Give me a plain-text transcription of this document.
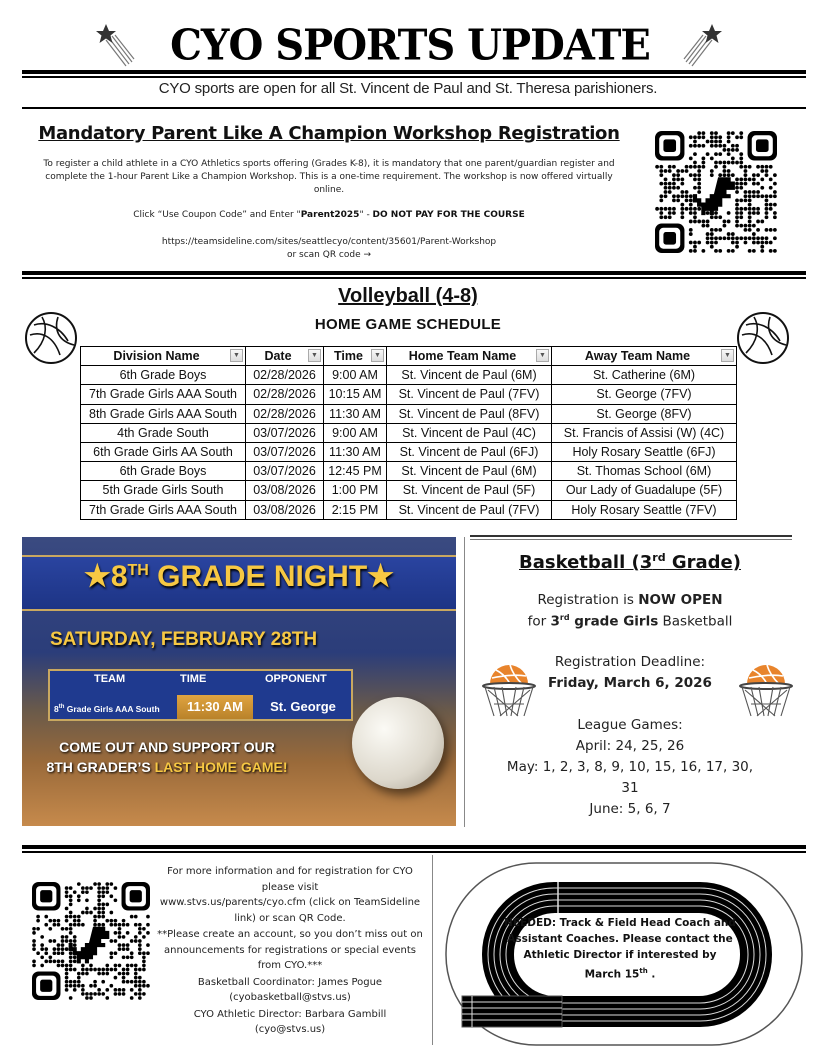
CYO SPORTS UPDATE
CYO sports are open for all St. Vincent de Paul and St. Theresa parishioners.
Mandatory Parent Like A Champion Workshop Registration
To register a child athlete in a CYO Athletics sports offering (Grades K-8), it is mandatory that one parent/guardian register and complete the 1-hour Parent Like a Champion Workshop. This is a one-time requirement. The workshop is now offered virtually online.
Click “Use Coupon Code” and Enter "Parent2025" - DO NOT PAY FOR THE COURSE
https://teamsideline.com/sites/seattlecyo/content/35601/Parent-Workshop
or scan QR code →
Volleyball (4-8)
HOME GAME SCHEDULE
Division Name ▼	Date ▼	Time ▼	Home Team Name ▼	Away Team Name ▼

6th Grade Boys	02/28/2026	9:00 AM	St. Vincent de Paul (6M)	St. Catherine (6M)
7th Grade Girls AAA South	02/28/2026	10:15 AM	St. Vincent de Paul (7FV)	St. George (7FV)
8th Grade Girls AAA South	02/28/2026	11:30 AM	St. Vincent de Paul (8FV)	St. George (8FV)
4th Grade South	03/07/2026	9:00 AM	St. Vincent de Paul (4C)	St. Francis of Assisi (W) (4C)
6th Grade Girls AA South	03/07/2026	11:30 AM	St. Vincent de Paul (6FJ)	Holy Rosary Seattle (6FJ)
6th Grade Boys	03/07/2026	12:45 PM	St. Vincent de Paul (6M)	St. Thomas School (6M)
5th Grade Girls South	03/08/2026	1:00 PM	St. Vincent de Paul (5F)	Our Lady of Guadalupe (5F)
7th Grade Girls AAA South	03/08/2026	2:15 PM	St. Vincent de Paul (7FV)	Holy Rosary Seattle (7FV)
★8TH GRADE NIGHT★
SATURDAY, FEBRUARY 28TH
TEAM	TIME	OPPONENT
8th Grade Girls AAA South	11:30 AM	St. George
COME OUT AND SUPPORT OUR
8TH GRADER’S LAST HOME GAME!
Basketball (3rd Grade)
Registration is NOW OPEN
for 3rd grade Girls Basketball
Registration Deadline:
Friday, March 6, 2026
League Games:
April: 24, 25, 26
May: 1, 2, 3, 8, 9, 10, 15, 16, 17, 30,
31
June: 5, 6, 7
For more information and for registration for CYO please visit
www.stvs.us/parents/cyo.cfm (click on TeamSideline link) or scan QR Code.
**Please create an account, so you don’t miss out on announcements for registrations or special events from CYO.***
Basketball Coordinator: James Pogue
(cyobasketball@stvs.us)
CYO Athletic Director: Barbara Gambill
(cyo@stvs.us)
NEEDED: Track & Field Head Coach and Assistant Coaches. Please contact the Athletic Director if interested by
March 15th .
